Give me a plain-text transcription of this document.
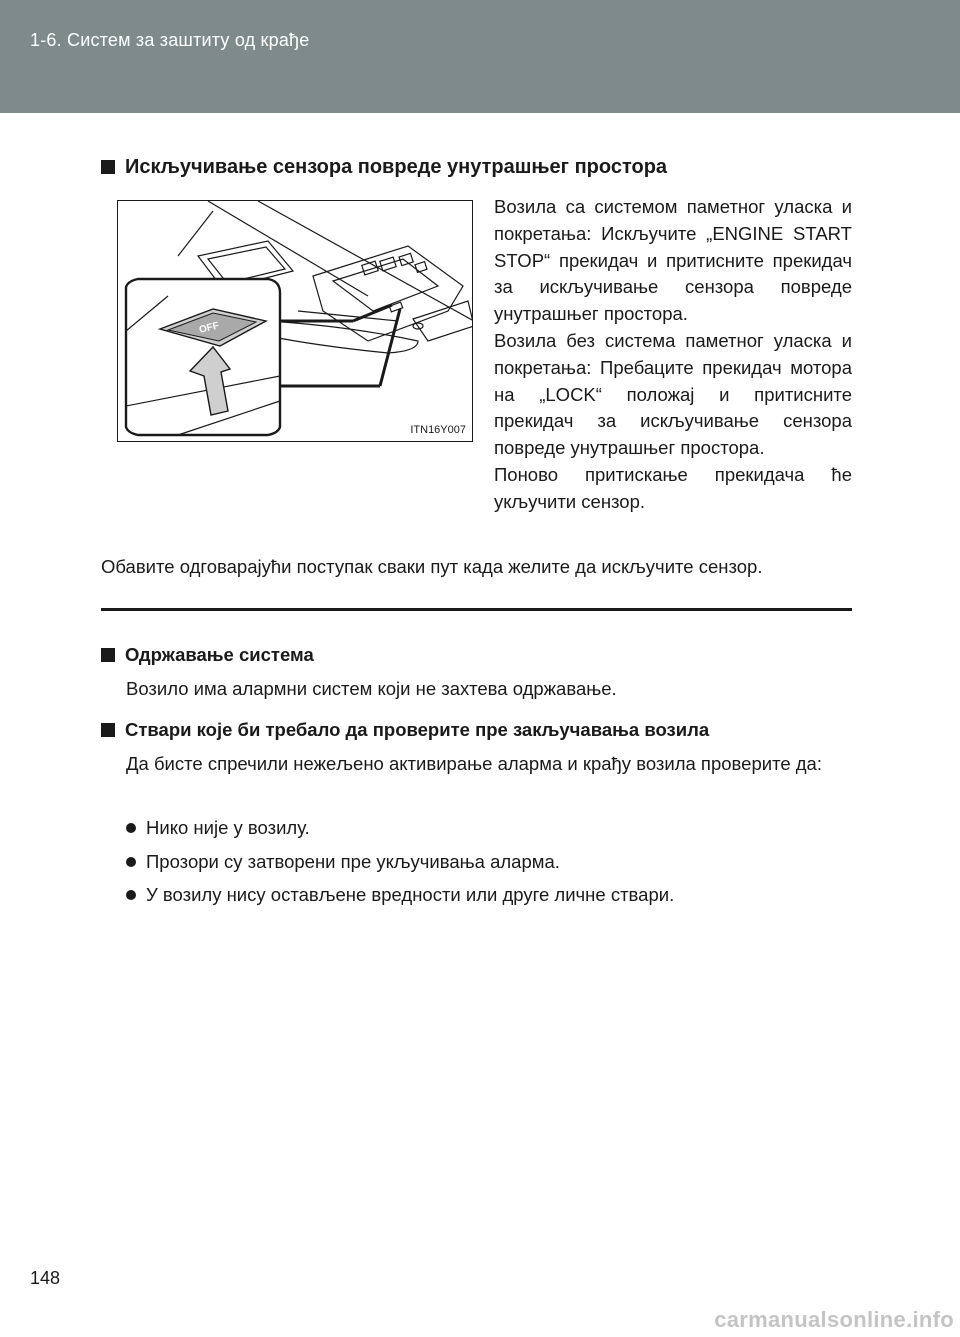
1-6. Систем за заштиту од крађе
Искључивање сензора повреде унутрашњег простора
OFF
ITN16Y007

Возила са системом паметног уласка и покретања: Искључите „ENGINE START STOP“ прекидач и притисните прекидач за искључивање сензора повреде унутрашњег простора.

Возила без система паметног уласка и покретања: Пребаците прекидач мотора на „LOCK“ положај и притисните прекидач за искључивање сензора повреде унутрашњег простора.

Поново притискање прекидача ће укључити сензор.

Обавите одговарајући поступак сваки пут када желите да искључите сензор.
Одржавање система
Возило има алармни систем који не захтева одржавање.
Ствари које би требало да проверите пре закључавања возила
Да бисте спречили нежељено активирање аларма и крађу возила проверите да:
Нико није у возилу.
Прозори су затворени пре укључивања аларма.
У возилу нису остављене вредности или друге личне ствари.
148
carmanualsonline.info
